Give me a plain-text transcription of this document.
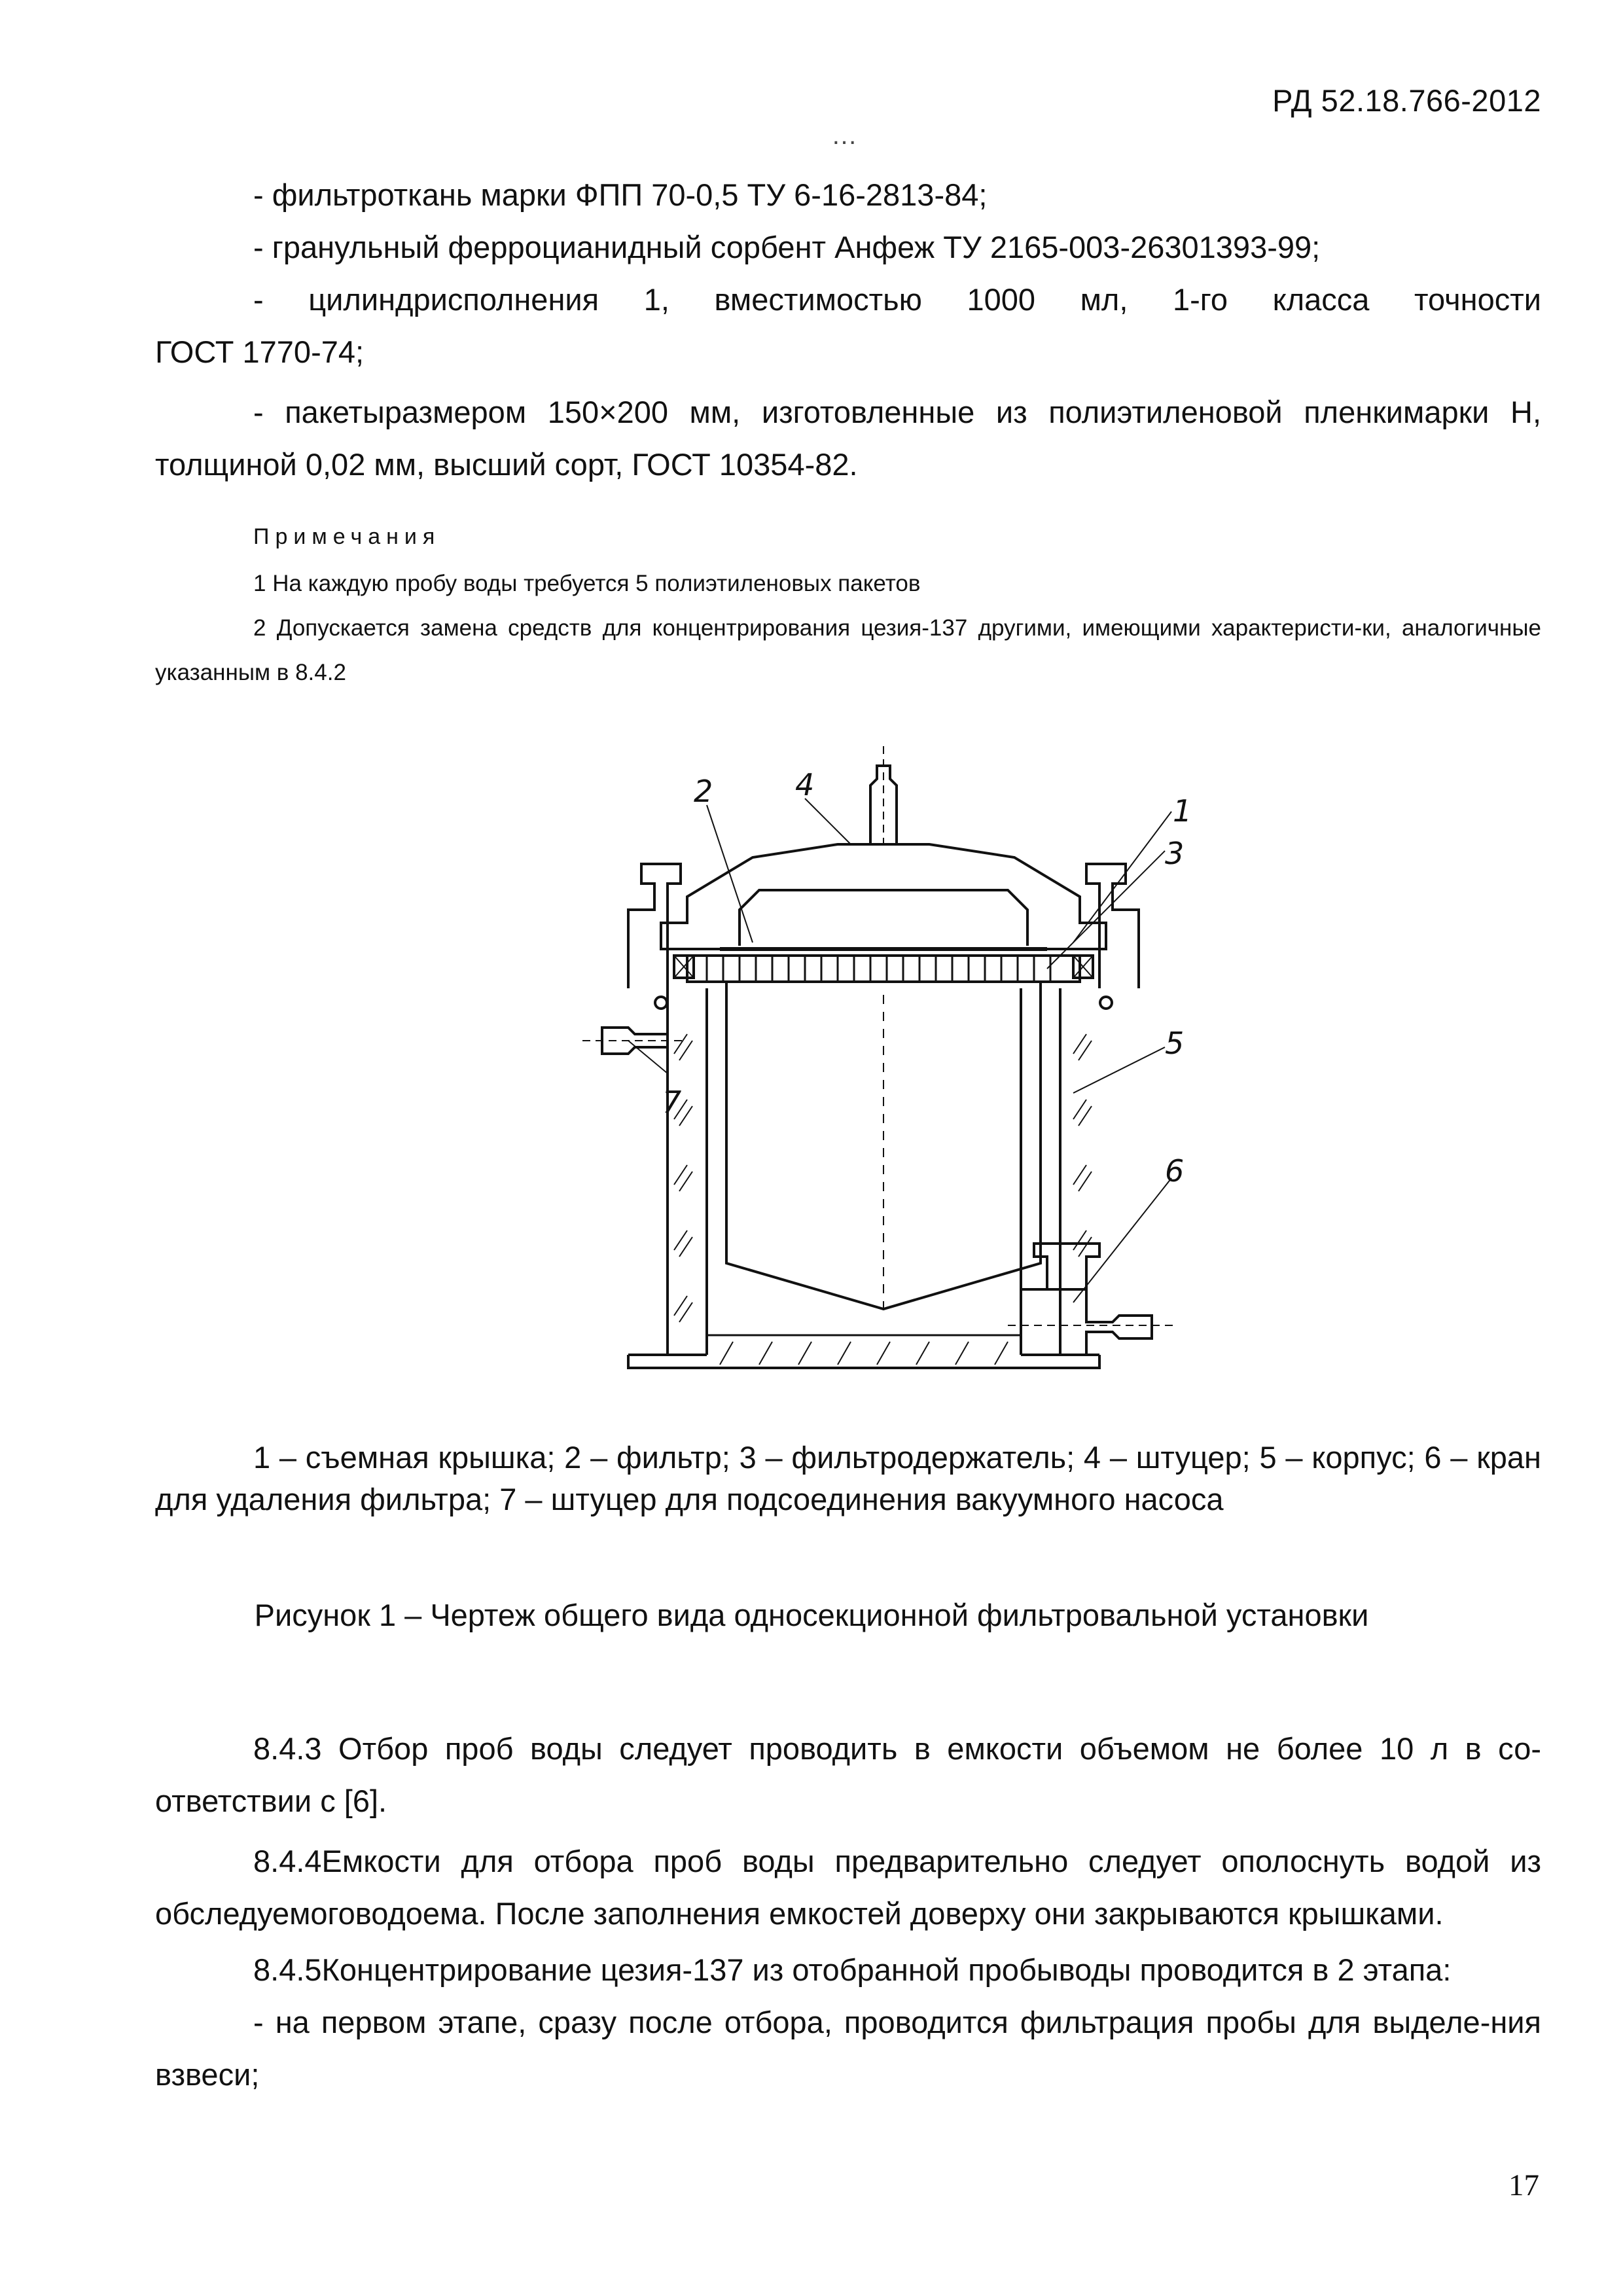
РД 52.18.766-2012
…

- фильтроткань марки ФПП 70-0,5 ТУ 6-16-2813-84;

- гранульный ферроцианидный сорбент Анфеж ТУ 2165-003-26301393-99;

- цилиндрисполнения 1, вместимостью 1000 мл, 1-го класса точности

ГОСТ 1770-74;

- пакетыразмером 150×200 мм, изготовленные из полиэтиленовой пленкимарки Н,

толщиной 0,02 мм, высший сорт, ГОСТ 10354-82.

Примечания

1 На каждую пробу воды требуется 5 полиэтиленовых пакетов

2 Допускается замена средств для концентрирования цезия-137 другими, имеющими характеристи-ки, аналогичные указанным в 8.4.2

1
2
3
4
5
6
7

1 – съемная крышка; 2 – фильтр; 3 – фильтродержатель; 4 – штуцер; 5 – корпус; 6 – кран для удаления фильтра; 7 – штуцер для подсоединения вакуумного насоса

Рисунок 1 – Чертеж общего вида односекционной фильтровальной установки

8.4.3 Отбор проб воды следует проводить в емкости объемом не более 10 л в со-ответствии с [6].

8.4.4Емкости для отбора проб воды предварительно следует ополоснуть водой из обследуемоговодоема. После заполнения емкостей доверху они закрываются крышками.

8.4.5Концентрирование цезия-137 из отобранной пробыводы проводится в 2 этапа:

- на первом этапе, сразу после отбора, проводится фильтрация пробы для выделе-ния взвеси;

17
